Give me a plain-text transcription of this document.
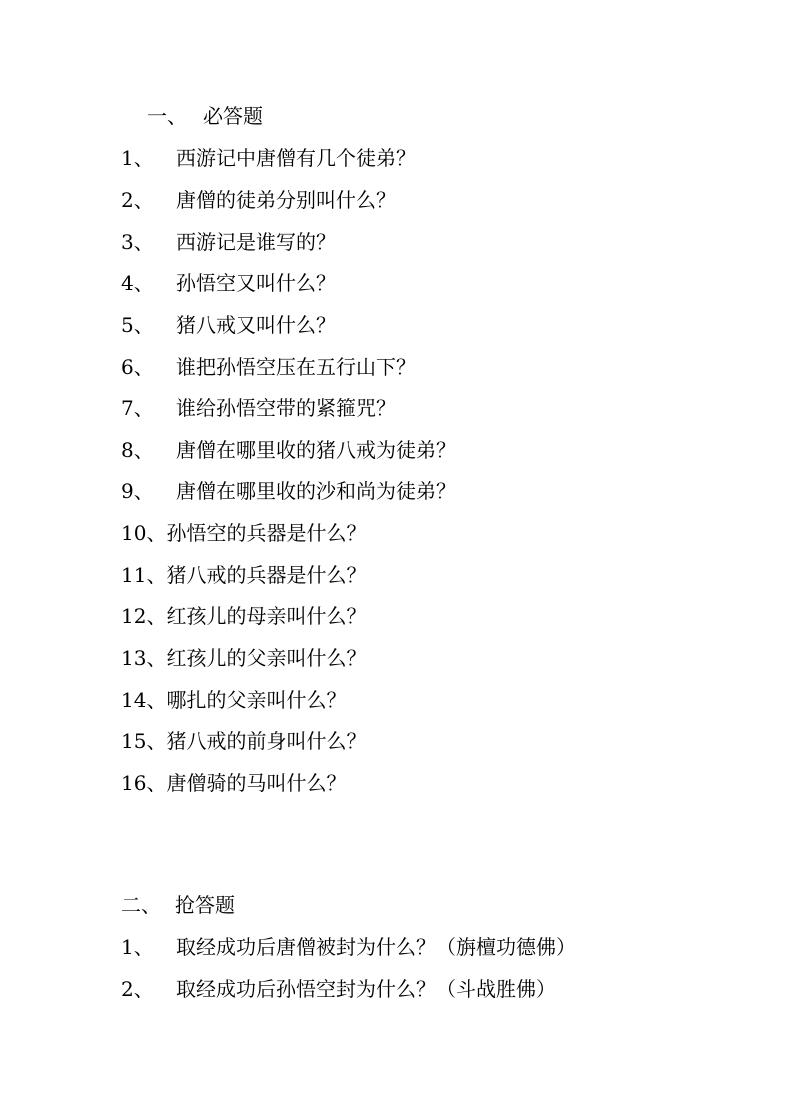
一、 必答题
1、	西游记中唐僧有几个徒弟？
2、	唐僧的徒弟分别叫什么？
3、	西游记是谁写的？
4、	孙悟空又叫什么？
5、	猪八戒又叫什么？
6、	谁把孙悟空压在五行山下？
7、	谁给孙悟空带的紧箍咒？
8、	唐僧在哪里收的猪八戒为徒弟？
9、	唐僧在哪里收的沙和尚为徒弟？
10、 孙悟空的兵器是什么？
11、 猪八戒的兵器是什么？
12、 红孩儿的母亲叫什么？
13、 红孩儿的父亲叫什么？
14、 哪扎的父亲叫什么？
15、 猪八戒的前身叫什么？
16、 唐僧骑的马叫什么？
二、 抢答题
1、	取经成功后唐僧被封为什么？（旃檀功德佛）
2、	取经成功后孙悟空封为什么？（斗战胜佛）
